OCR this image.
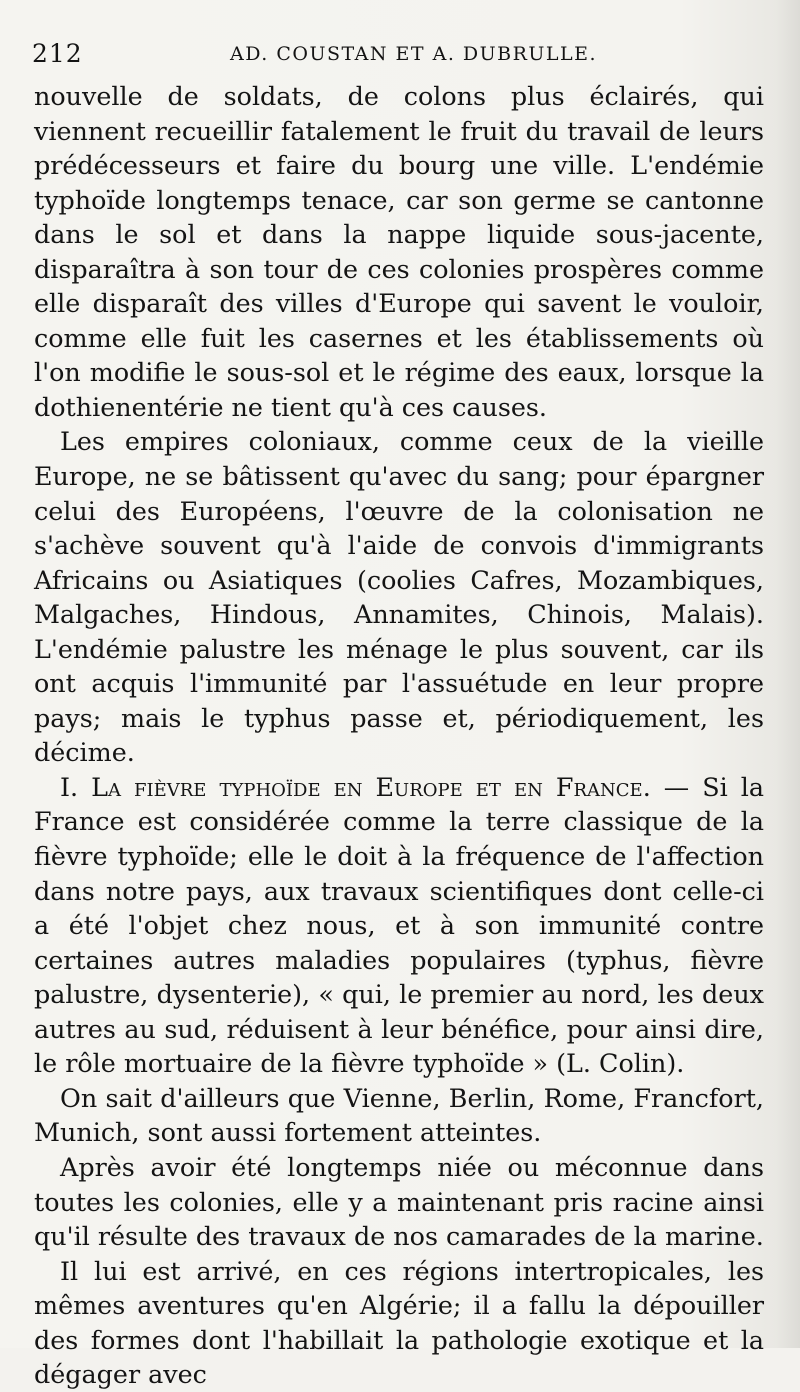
212	AD. COUSTAN ET A. DUBRULLE.

nouvelle de soldats, de colons plus éclairés, qui viennent recueillir fatalement le fruit du travail de leurs prédécesseurs et faire du bourg une ville. L'endémie typhoïde longtemps tenace, car son germe se cantonne dans le sol et dans la nappe liquide sous-jacente, disparaîtra à son tour de ces colonies prospères comme elle disparaît des villes d'Europe qui savent le vouloir, comme elle fuit les casernes et les établissements où l'on modifie le sous-sol et le régime des eaux, lorsque la dothienentérie ne tient qu'à ces causes.

Les empires coloniaux, comme ceux de la vieille Europe, ne se bâtissent qu'avec du sang; pour épargner celui des Européens, l'œuvre de la colonisation ne s'achève souvent qu'à l'aide de convois d'immigrants Africains ou Asiatiques (coolies Cafres, Mozambiques, Malgaches, Hindous, Annamites, Chinois, Malais). L'endémie palustre les ménage le plus souvent, car ils ont acquis l'immunité par l'assuétude en leur propre pays; mais le typhus passe et, périodiquement, les décime.

I. La fièvre typhoïde en Europe et en France. — Si la France est considérée comme la terre classique de la fièvre typhoïde; elle le doit à la fréquence de l'affection dans notre pays, aux travaux scientifiques dont celle-ci a été l'objet chez nous, et à son immunité contre certaines autres maladies populaires (typhus, fièvre palustre, dysenterie), « qui, le premier au nord, les deux autres au sud, réduisent à leur bénéfice, pour ainsi dire, le rôle mortuaire de la fièvre typhoïde » (L. Colin).

On sait d'ailleurs que Vienne, Berlin, Rome, Francfort, Munich, sont aussi fortement atteintes.

Après avoir été longtemps niée ou méconnue dans toutes les colonies, elle y a maintenant pris racine ainsi qu'il résulte des travaux de nos camarades de la marine.

Il lui est arrivé, en ces régions intertropicales, les mêmes aventures qu'en Algérie; il a fallu la dépouiller des formes dont l'habillait la pathologie exotique et la dégager avec
